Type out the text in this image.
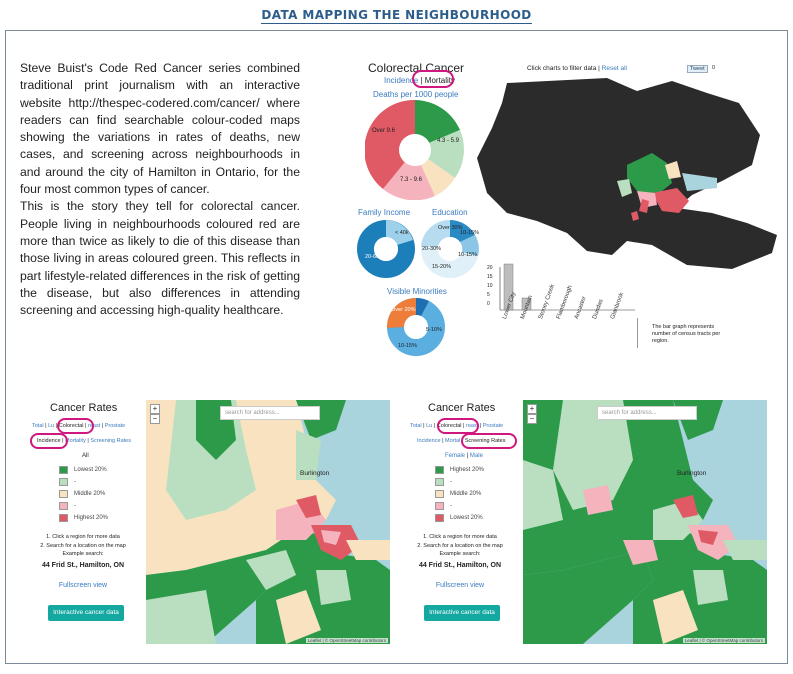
DATA MAPPING THE NEIGHBOURHOOD

Steve Buist's Code Red Cancer series combined traditional print journalism with an interactive website http://thespec-codered.com/cancer/ where readers can find searchable colour-coded maps showing the variations in rates of deaths, new cases, and screening across neighbourhoods in and around the city of Hamilton in Ontario, for the four most common types of cancer.

This is the story they tell for colorectal cancer. People living in neighbourhoods coloured red are more than twice as likely to die of this disease than those living in areas coloured green. This reflects in part lifestyle-related differences in the risk of getting the disease, but also differences in attending screening and accessing high-quality healthcare.

Colorectal Cancer
Incidence | Mortality
Deaths per 1000 people
Click charts to filter data | Reset all	Tweet	0
Over 9.6
4.3 - 5.9
7.3 - 9.6
Family Income	Education
20-60k
< 40k
Over 30%
10-15%
20-30%
15-20%
10-15%
Visible Minorities
Over 20%
5-10%
10-15%
20
15
10
5
0	Lower City Mountain Stoney Creek Flamborough Ancaster Dundas Glanbrook
The bar graph represents number of census tracts per region.
Cancer Rates
Total | Lu | Colorectal | reast | Prostate
Incidence | Mortality | Screening Rates
All
Lowest 20%
-
Middle 20%
-
Highest 20%
1. Click a region for more data
2. Search for a location on the map
Example search:
44 Frid St., Hamilton, ON
Fullscreen view
Interactive cancer data
+
−
search for address...
Burlington
Leaflet | © OpenStreetMap contributors
Cancer Rates
Total | Lu | Colorectal | reast | Prostate
Incidence | Mortal | Screening Rates
Female | Male
Highest 20%
-
Middle 20%
-
Lowest 20%
1. Click a region for more data
2. Search for a location on the map
Example search:
44 Frid St., Hamilton, ON
Fullscreen view
Interactive cancer data
+
−
search for address...
Burlington
Leaflet | © OpenStreetMap contributors
